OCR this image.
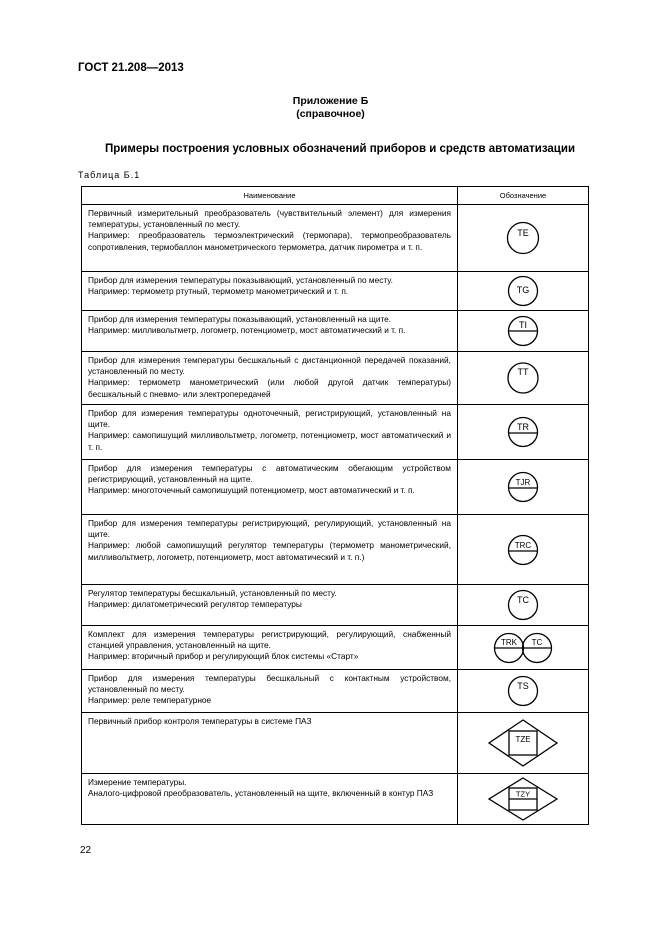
ГОСТ 21.208—2013
Приложение Б
(справочное)
Примеры построения условных обозначений приборов и средств автоматизации
Таблица Б.1
Наименование	Обозначение

Первичный измерительный преобразователь (чувствительный элемент) для измерения температуры, установленный по месту.
Например: преобразователь термоэлектрический (термопара), термопреобразователь сопротивления, термобаллон манометрического термометра, датчик пирометра и т. п.	TE

Прибор для измерения температуры показывающий, установленный по месту.
Например: термометр ртутный, термометр манометрический и т. п.	TG

Прибор для измерения температуры показывающий, установленный на щите.
Например: милливольтметр, логометр, потенциометр, мост автоматический и т. п.	TI

Прибор для измерения температуры бесшкальный с дистанционной передачей показаний, установленный по месту.
Например: термометр манометрический (или любой другой датчик температуры) бесшкальный с пневмо- или электропередачей	TT

Прибор для измерения температуры одноточечный, регистрирующий, установленный на щите.
Например: самопишущий милливольтметр, логометр, потенциометр, мост автоматический и т. п.	TR

Прибор для измерения температуры с автоматическим обегающим устройством регистрирующий, установленный на щите.
Например: многоточечный самопишущий потенциометр, мост автоматический и т. п.	TJR

Прибор для измерения температуры регистрирующий, регулирующий, установленный на щите.
Например: любой самопишущий регулятор температуры (термометр манометрический, милливольтметр, логометр, потенциометр, мост автоматический и т. п.)	TRC

Регулятор температуры бесшкальный, установленный по месту.
Например: дилатометрический регулятор температуры	TC

Комплект для измерения температуры регистрирующий, регулирующий, снабженный станцией управления, установленный на щите.
Например: вторичный прибор и регулирующий блок системы «Старт»	TRK TC

Прибор для измерения температуры бесшкальный с контактным устройством, установленный по месту.
Например: реле температурное	TS

Первичный прибор контроля температуры в системе ПАЗ	TZE

Измерение температуры.
Аналого-цифровой преобразователь, установленный на щите, включенный в контур ПАЗ	TZY
22
